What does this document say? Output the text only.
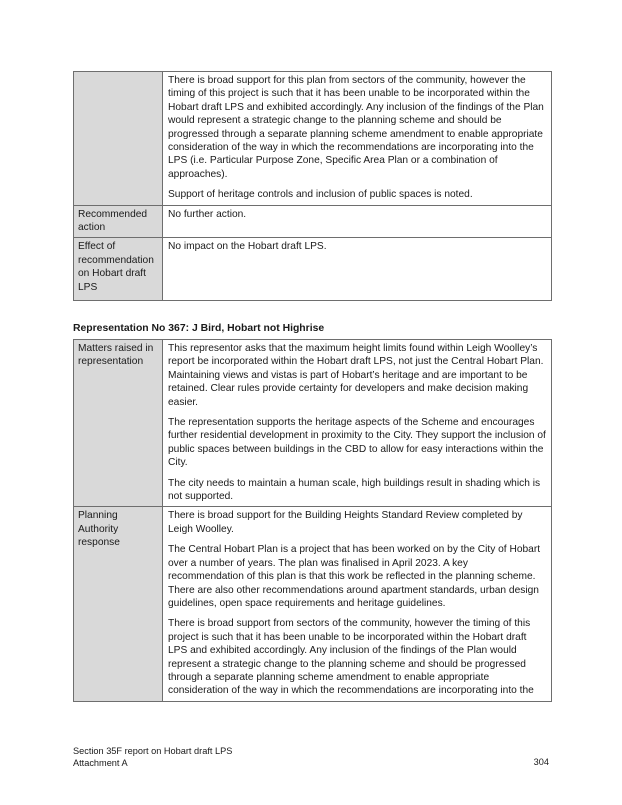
	There is broad support for this plan from sectors of the community, however the timing of this project is such that it has been unable to be incorporated within the Hobart draft LPS and exhibited accordingly. Any inclusion of the findings of the Plan would represent a strategic change to the planning scheme and should be progressed through a separate planning scheme amendment to enable appropriate consideration of the way in which the recommendations are incorporating into the LPS (i.e. Particular Purpose Zone, Specific Area Plan or a combination of approaches).

Support of heritage controls and inclusion of public spaces is noted.

Recommended action	No further action.

Effect of recommendation on Hobart draft LPS	No impact on the Hobart draft LPS.

Representation No 367: J Bird, Hobart not Highrise
Matters raised in representation	This representor asks that the maximum height limits found within Leigh Woolley’s report be incorporated within the Hobart draft LPS, not just the Central Hobart Plan. Maintaining views and vistas is part of Hobart’s heritage and are important to be retained. Clear rules provide certainty for developers and make decision making easier.

The representation supports the heritage aspects of the Scheme and encourages further residential development in proximity to the City. They support the inclusion of public spaces between buildings in the CBD to allow for easy interactions within the City.

The city needs to maintain a human scale, high buildings result in shading which is not supported.

Planning Authority response	There is broad support for the Building Heights Standard Review completed by Leigh Woolley.

The Central Hobart Plan is a project that has been worked on by the City of Hobart over a number of years. The plan was finalised in April 2023. A key recommendation of this plan is that this work be reflected in the planning scheme. There are also other recommendations around apartment standards, urban design guidelines, open space requirements and heritage guidelines.

There is broad support from sectors of the community, however the timing of this project is such that it has been unable to be incorporated within the Hobart draft LPS and exhibited accordingly. Any inclusion of the findings of the Plan would represent a strategic change to the planning scheme and should be progressed through a separate planning scheme amendment to enable appropriate consideration of the way in which the recommendations are incorporating into the

Section 35F report on Hobart draft LPS
Attachment A	304
